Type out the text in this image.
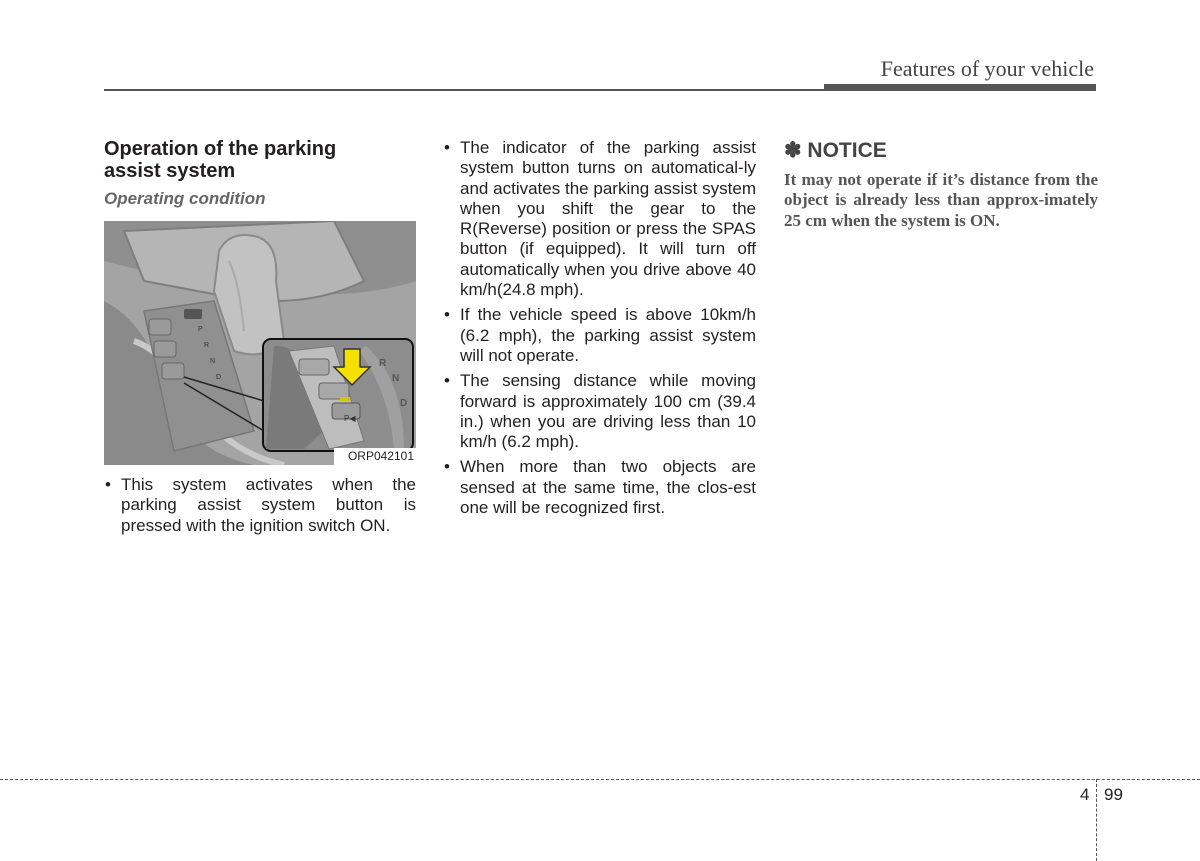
Features of your vehicle
Operation of the parking
assist system
Operating condition
P
R
N
D
R
N
D
P◀
ORP042101
• This system activates when the parking assist system button is pressed with the ignition switch ON.
• The indicator of the parking assist system button turns on automatical-ly and activates the parking assist system when you shift the gear to the R(Reverse) position or press the SPAS button (if equipped). It will turn off automatically when you drive above 40 km/h(24.8 mph).
• If the vehicle speed is above 10km/h (6.2 mph), the parking assist system will not operate.
• The sensing distance while moving forward is approximately 100 cm (39.4 in.) when you are driving less than 10 km/h (6.2 mph).
• When more than two objects are sensed at the same time, the clos-est one will be recognized first.
✽ NOTICE

It may not operate if it’s distance from the object is already less than approx-imately 25 cm when the system is ON.

4 99
